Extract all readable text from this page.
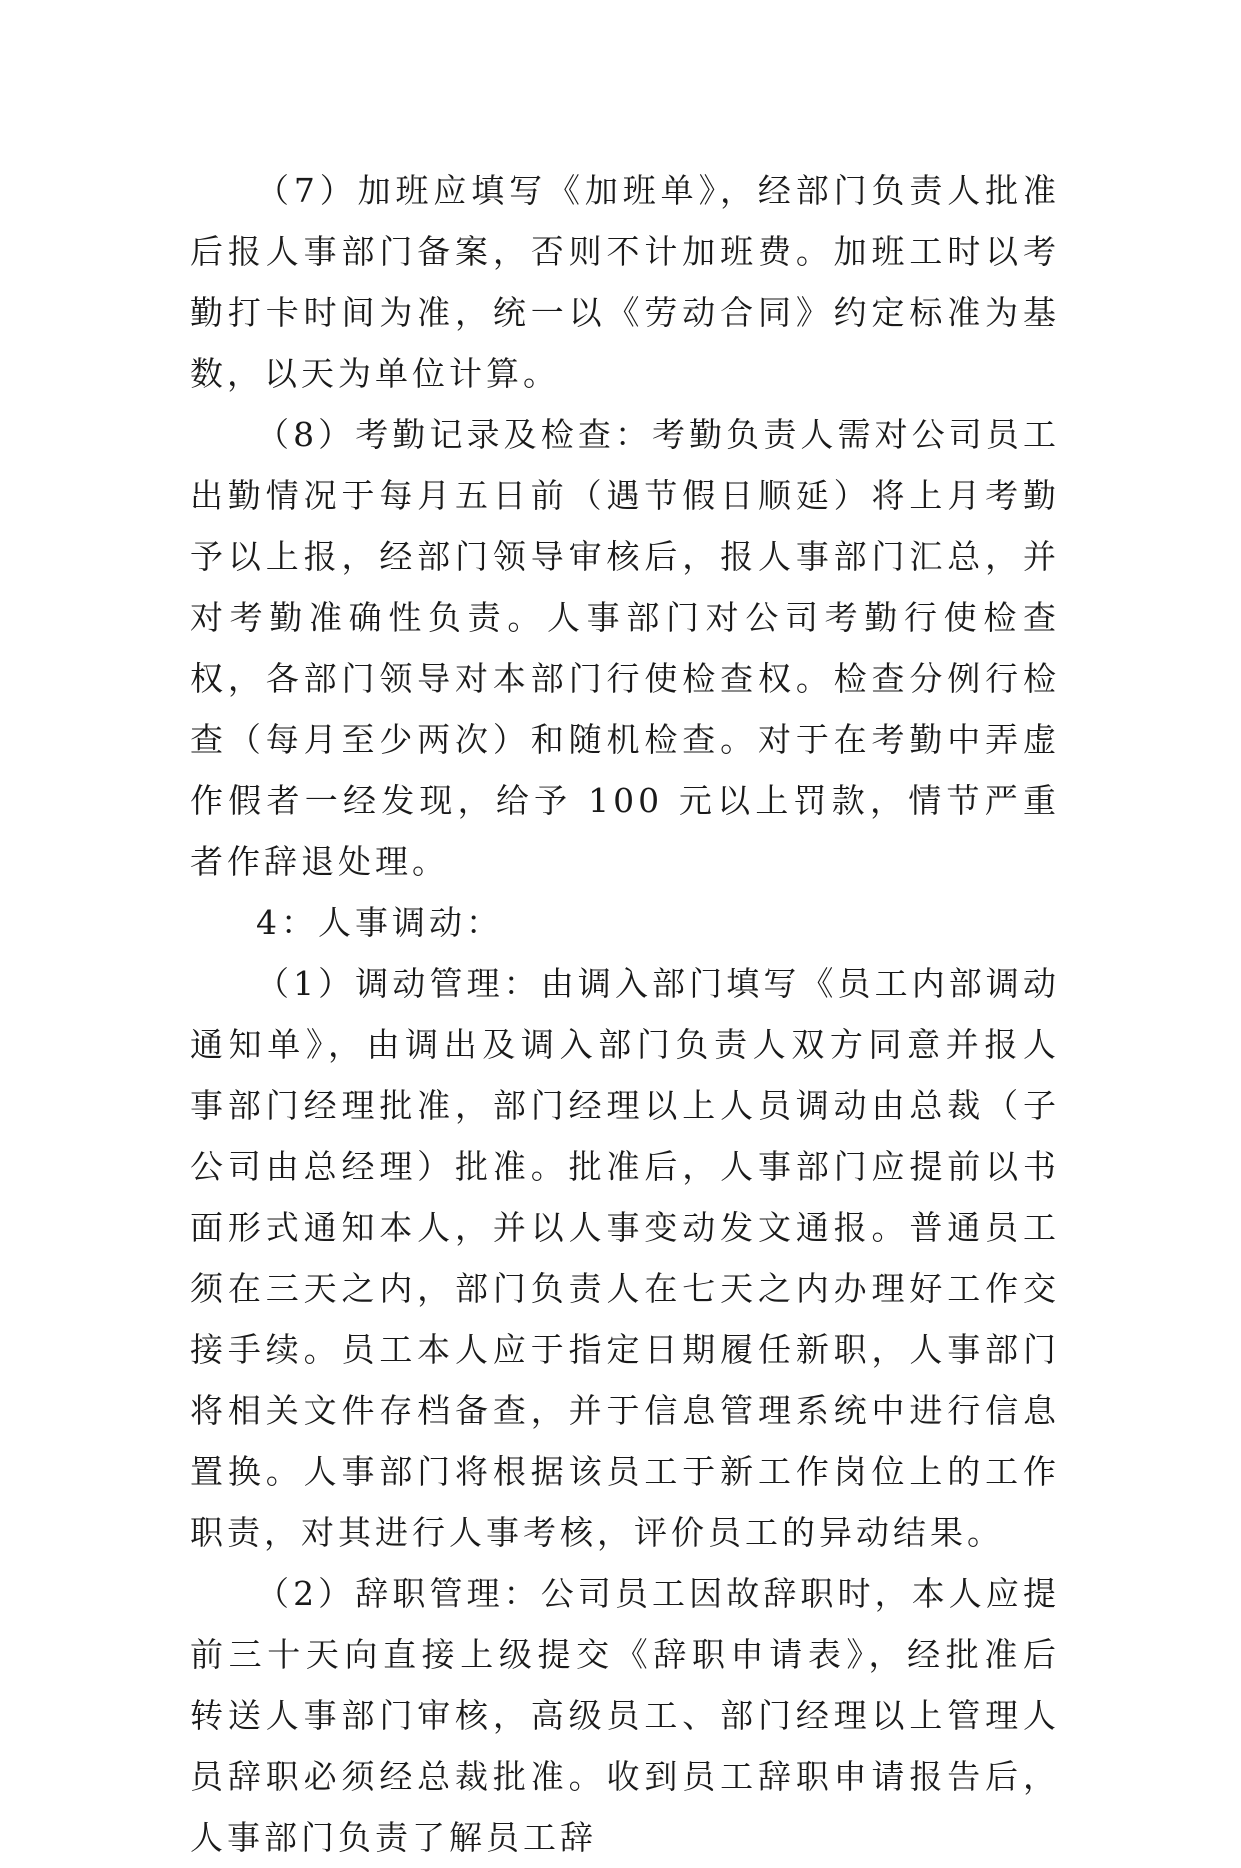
（7）加班应填写《加班单》，经部门负责人批准后报人事部门备案，否则不计加班费。加班工时以考勤打卡时间为准，统一以《劳动合同》约定标准为基数，以天为单位计算。

（8）考勤记录及检查：考勤负责人需对公司员工出勤情况于每月五日前（遇节假日顺延）将上月考勤予以上报，经部门领导审核后，报人事部门汇总，并对考勤准确性负责。人事部门对公司考勤行使检查权，各部门领导对本部门行使检查权。检查分例行检查（每月至少两次）和随机检查。对于在考勤中弄虚作假者一经发现，给予 100 元以上罚款，情节严重者作辞退处理。

4：人事调动：

（1）调动管理：由调入部门填写《员工内部调动通知单》，由调出及调入部门负责人双方同意并报人事部门经理批准，部门经理以上人员调动由总裁（子公司由总经理）批准。批准后，人事部门应提前以书面形式通知本人，并以人事变动发文通报。普通员工须在三天之内，部门负责人在七天之内办理好工作交接手续。员工本人应于指定日期履任新职，人事部门将相关文件存档备查，并于信息管理系统中进行信息置换。人事部门将根据该员工于新工作岗位上的工作职责，对其进行人事考核，评价员工的异动结果。

（2）辞职管理：公司员工因故辞职时，本人应提前三十天向直接上级提交《辞职申请表》，经批准后转送人事部门审核，高级员工、部门经理以上管理人员辞职必须经总裁批准。收到员工辞职申请报告后，人事部门负责了解员工辞
